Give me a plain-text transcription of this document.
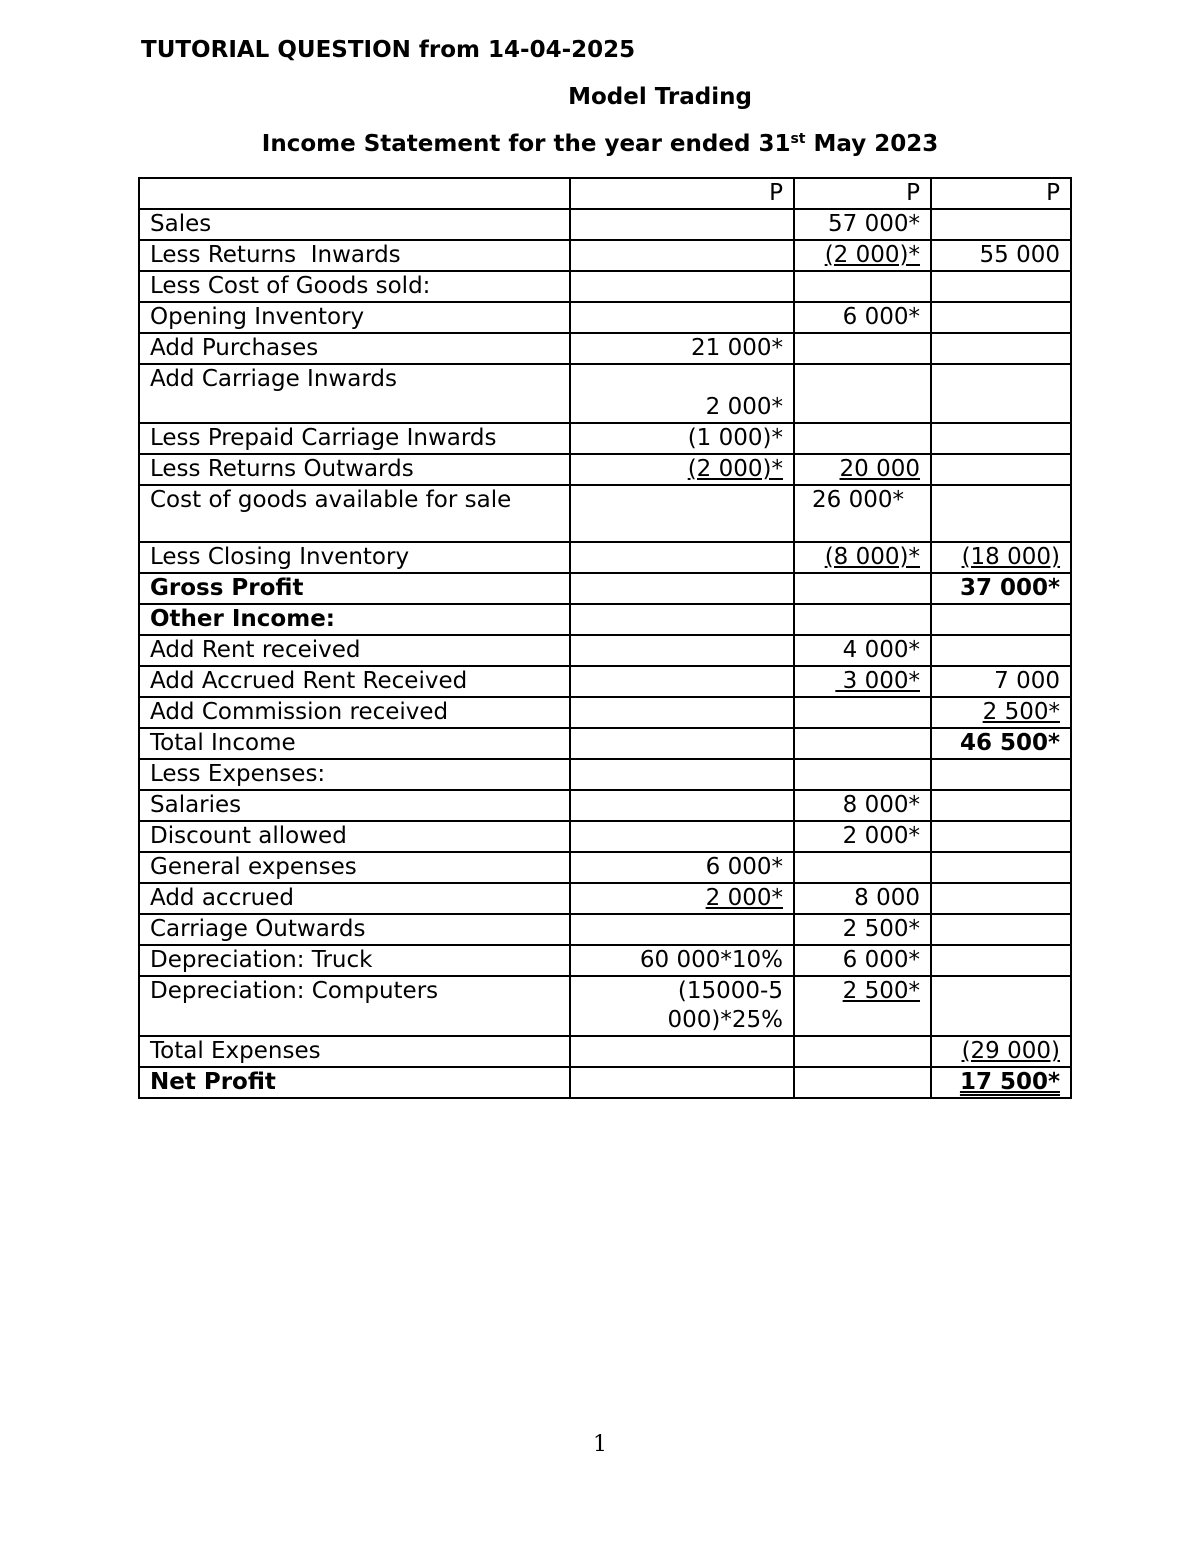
TUTORIAL QUESTION from 14-04-2025
Model Trading
Income Statement for the year ended 31st May 2023
	P	P	P
Sales		57 000*	
Less Returns  Inwards		(2 000)*	55 000
Less Cost of Goods sold:			
Opening Inventory		6 000*	
Add Purchases	21 000*		
Add Carriage Inwards	2 000*		
Less Prepaid Carriage Inwards	(1 000)*		
Less Returns Outwards	(2 000)*	20 000	
Cost of goods available for sale		26 000*	
Less Closing Inventory		(8 000)*	(18 000)
Gross Profit			37 000*
Other Income:			
Add Rent received		4 000*	
Add Accrued Rent Received		3 000*	7 000
Add Commission received			2 500*
Total Income			46 500*
Less Expenses:			
Salaries		8 000*	
Discount allowed		2 000*	
General expenses	6 000*		
Add accrued	2 000*	8 000	
Carriage Outwards		2 500*	
Depreciation: Truck	60 000*10%	6 000*	
Depreciation: Computers	(15000-5 000)*25%	2 500*	
Total Expenses			(29 000)
Net Profit			17 500*
1
